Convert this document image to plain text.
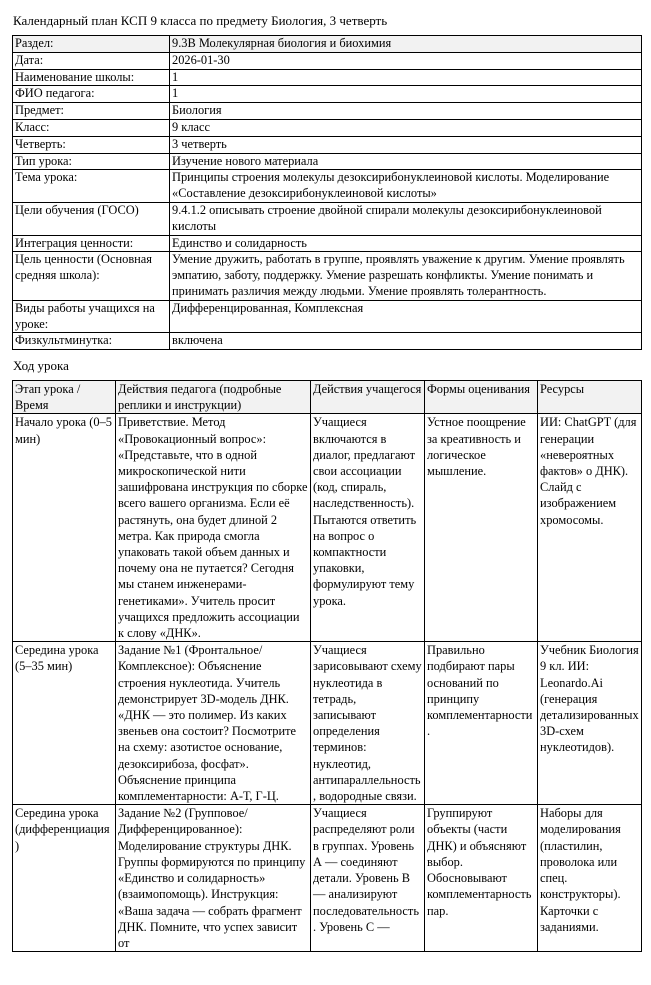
Календарный план КСП 9 класса по предмету Биология, 3 четверть
Раздел:	9.3В Молекулярная биология и биохимия
Дата:	2026-01-30
Наименование школы:	1
ФИО педагога:	1
Предмет:	Биология
Класс:	9 класс
Четверть:	3 четверть
Тип урока:	Изучение нового материала
Тема урока:	Принципы строения молекулы дезоксирибонуклеиновой кислоты. Моделирование «Составление дезоксирибонуклеиновой кислоты»
Цели обучения (ГОСО)	9.4.1.2 описывать строение двойной спирали молекулы дезоксирибонуклеиновой кислоты
Интеграция ценности:	Единство и солидарность
Цель ценности (Основная средняя школа):	Умение дружить, работать в группе, проявлять уважение к другим. Умение проявлять эмпатию, заботу, поддержку. Умение разрешать конфликты. Умение понимать и принимать различия между людьми. Умение проявлять толерантность.
Виды работы учащихся на уроке:	Дифференцированная, Комплексная
Физкультминутка:	включена
Ход урока
Этап урока / Время	Действия педагога (подробные реплики и инструкции)	Действия учащегося	Формы оценивания	Ресурсы
Начало урока (0–5 мин)	Приветствие. Метод «Провокационный вопрос»: «Представьте, что в одной микроскопической нити зашифрована инструкция по сборке всего вашего организма. Если её растянуть, она будет длиной 2 метра. Как природа смогла упаковать такой объем данных и почему она не путается? Сегодня мы станем инженерами-генетиками». Учитель просит учащихся предложить ассоциации к слову «ДНК».	Учащиеся включаются в диалог, предлагают свои ассоциации (код, спираль, наследственность). Пытаются ответить на вопрос о компактности упаковки, формулируют тему урока.	Устное поощрение за креативность и логическое мышление.	ИИ: ChatGPT (для генерации «невероятных фактов» о ДНК). Слайд с изображением хромосомы.
Середина урока (5–35 мин)	Задание №1 (Фронтальное/Комплексное): Объяснение строения нуклеотида. Учитель демонстрирует 3D-модель ДНК. «ДНК — это полимер. Из каких звеньев она состоит? Посмотрите на схему: азотистое основание, дезоксирибоза, фосфат». Объяснение принципа комплементарности: А-Т, Г-Ц.	Учащиеся зарисовывают схему нуклеотида в тетрадь, записывают определения терминов: нуклеотид, антипараллельность, водородные связи.	Правильно подбирают пары оснований по принципу комплементарности.	Учебник Биология 9 кл. ИИ: Leonardo.Ai (генерация детализированных 3D-схем нуклеотидов).
Середина урока (дифференциация)	Задание №2 (Групповое/Дифференцированное): Моделирование структуры ДНК. Группы формируются по принципу «Единство и солидарность» (взаимопомощь). Инструкция: «Ваша задача — собрать фрагмент ДНК. Помните, что успех зависит от	Учащиеся распределяют роли в группах. Уровень А — соединяют детали. Уровень В — анализируют последовательность. Уровень С —	Группируют объекты (части ДНК) и объясняют выбор. Обосновывают комплементарность пар.	Наборы для моделирования (пластилин, проволока или спец. конструкторы). Карточки с заданиями.
